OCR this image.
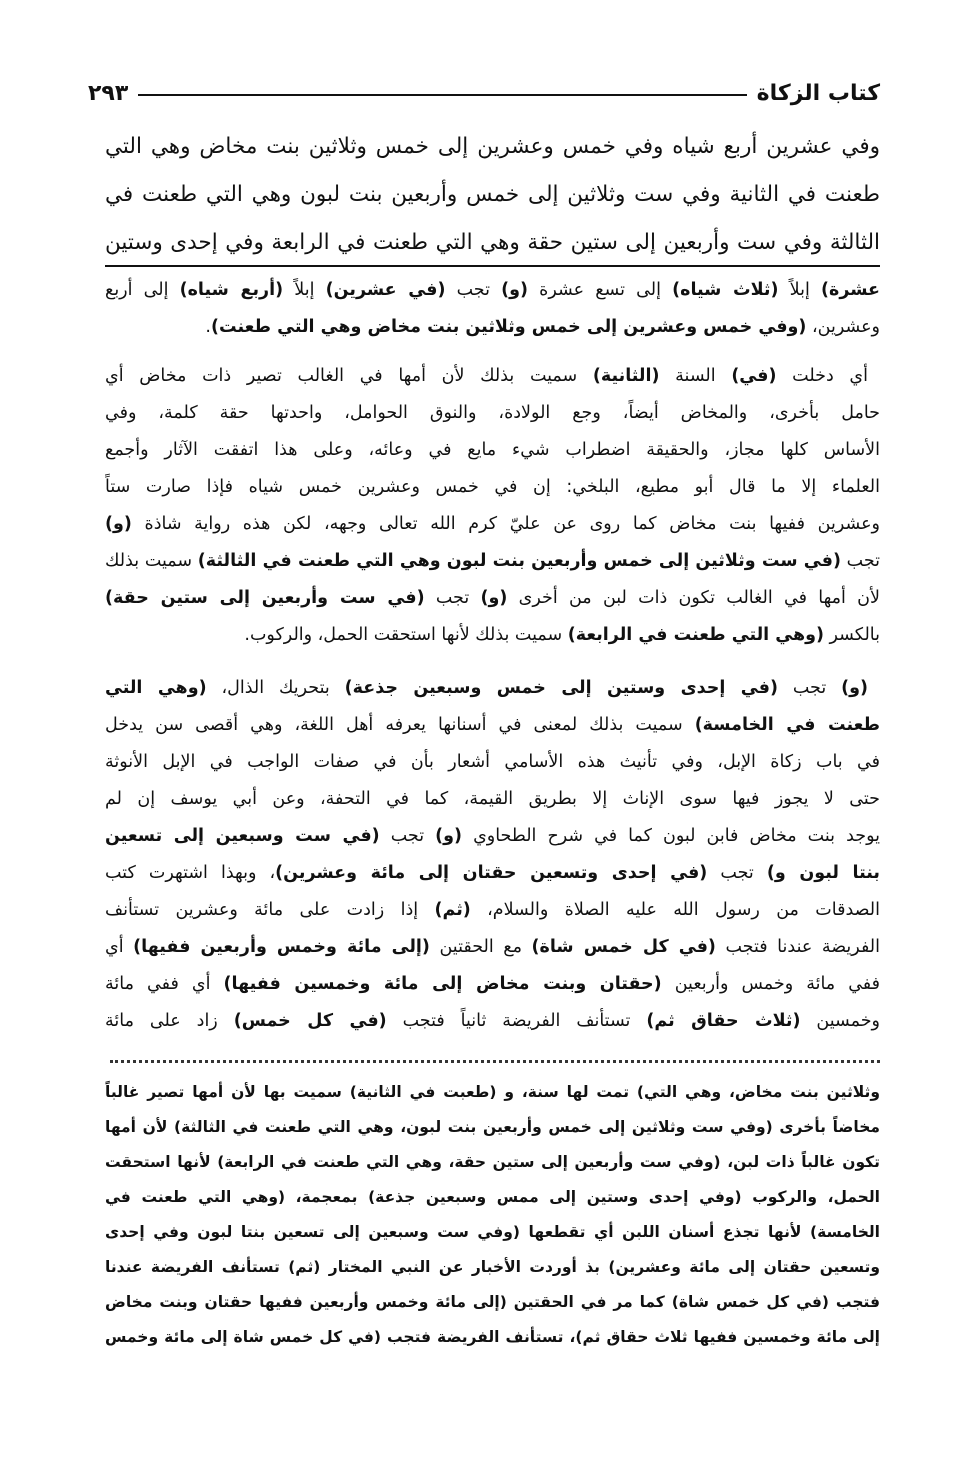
كتاب الزكاة
٢٩٣
وفي عشرين أربع شياه وفي خمس وعشرين إلى خمس وثلاثين بنت مخاض وهي التي
طعنت في الثانية وفي ست وثلاثين إلى خمس وأربعين بنت لبون وهي التي طعنت في
الثالثة وفي ست وأربعين إلى ستين حقة وهي التي طعنت في الرابعة وفي إحدى وستين
عشرة) إبلاً (ثلاث شياه) إلى تسع عشرة (و) تجب (في عشرين) إبلاً (أربع شياه) إلى أربع
وعشرين، (وفي خمس وعشرين إلى خمس وثلاثين بنت مخاض وهي التي طعنت).
أي دخلت (في) السنة (الثانية) سميت بذلك لأن أمها في الغالب تصير ذات مخاض أي
حامل بأخرى، والمخاض أيضاً، وجع الولادة، والنوق الحوامل، واحدتها حقة كلمة، وفي
الأساس كلها مجاز، والحقيقة اضطراب شيء مايع في وعائه، وعلى هذا اتفقت الآثار وأجمع
العلماء إلا ما قال أبو مطيع، البلخي: إن في خمس وعشرين خمس شياه فإذا صارت ستاً
وعشرين ففيها بنت مخاض كما روى عن عليّ كرم الله تعالى وجهه، لكن هذه رواية شاذة (و)
تجب (في ست وثلاثين إلى خمس وأربعين بنت لبون وهي التي طعنت في الثالثة) سميت بذلك
لأن أمها في الغالب تكون ذات لبن من أخرى (و) تجب (في ست وأربعين إلى ستين حقة)
بالكسر (وهي التي طعنت في الرابعة) سميت بذلك لأنها استحقت الحمل، والركوب.
(و) تجب (في إحدى وستين إلى خمس وسبعين جذعة) بتحريك الذال، (وهي التي
طعنت في الخامسة) سميت بذلك لمعنى في أسنانها يعرفه أهل اللغة، وهي أقصى سن يدخل
في باب زكاة الإبل، وفي تأنيث هذه الأسامي أشعار بأن في صفات الواجب في الإبل الأنوثة
حتى لا يجوز فيها سوى الإناث إلا بطريق القيمة، كما في التحفة، وعن أبي يوسف إن لم
يوجد بنت مخاض فابن لبون كما في شرح الطحاوي (و) تجب (في ست وسبعين إلى تسعين
بنتا لبون و) تجب (في إحدى وتسعين حقتان إلى مائة وعشرين)، وبهذا اشتهرت كتب
الصدقات من رسول الله عليه الصلاة والسلام، (ثم) إذا زادت على مائة وعشرين تستأنف
الفريضة عندنا فتجب (في كل خمس شاة) مع الحقتين (إلى مائة وخمس وأربعين ففيها) أي
ففي مائة وخمس وأربعين (حقتان وبنت مخاض إلى مائة وخمسين ففيها) أي ففي مائة
وخمسين (ثلاث حقاق ثم) تستأنف الفريضة ثانياً فتجب (في كل خمس) زاد على مائة
وثلاثين بنت مخاض، وهي التي) تمت لها سنة، و (طعبت في الثانية) سميت بها لأن أمها تصير غالباً
مخاضاً بأخرى (وفي ست وثلاثين إلى خمس وأربعين بنت لبون، وهي التي طعنت في الثالثة) لأن أمها
تكون غالباً ذات لبن، (وفي ست وأربعين إلى ستين حقة، وهي التي طعنت في الرابعة) لأنها استحقت
الحمل، والركوب (وفي إحدى وستين إلى ممس وسبعين جذعة) بمعجمة، (وهي التي طعنت في
الخامسة) لأنها تجذع أسنان اللبن أي تقطعها (وفي ست وسبعين إلى تسعين بنتا لبون وفي إحدى
وتسعين حقتان إلى مائة وعشرين) بذ أوردت الأخبار عن النبي المختار (ثم) تستأنف الفريضة عندنا
فتجب (في كل خمس شاة) كما مر في الحقتين (إلى مائة وخمس وأربعين ففيها حقتان وبنت مخاض
إلى مائة وخمسين ففيها ثلاث حقاق ثم)، تستأنف الفريضة فتجب (في كل خمس شاة إلى مائة وخمس
